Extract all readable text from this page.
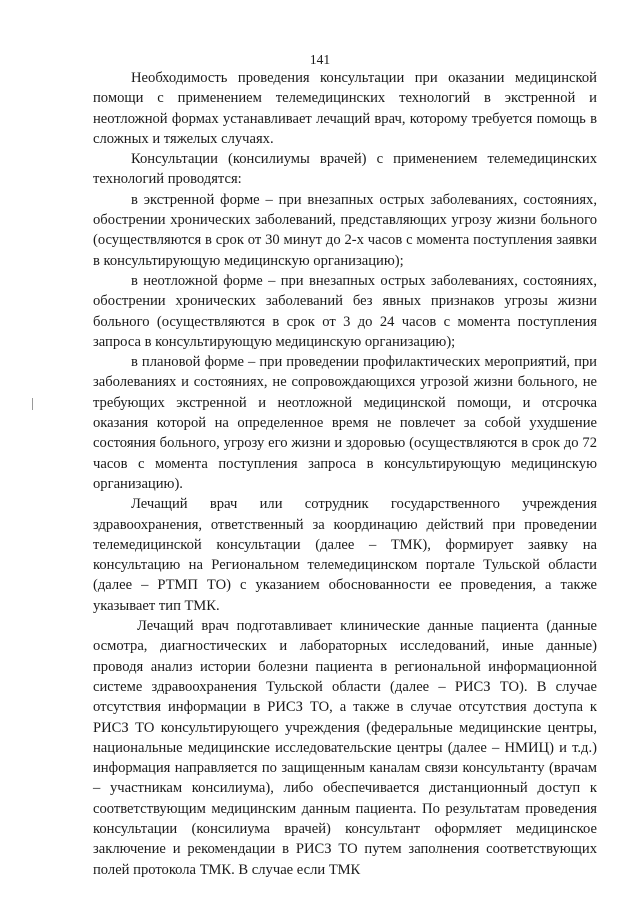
141

Необходимость проведения консультации при оказании медицинской помощи с применением телемедицинских технологий в экстренной и неотложной формах устанавливает лечащий врач, которому требуется помощь в сложных и тяжелых случаях.

Консультации (консилиумы врачей) с применением телемедицинских технологий проводятся:

в экстренной форме – при внезапных острых заболеваниях, состояниях, обострении хронических заболеваний, представляющих угрозу жизни больного (осуществляются в срок от 30 минут до 2-х часов с момента поступления заявки в консультирующую медицинскую организацию);

в неотложной форме – при внезапных острых заболеваниях, состояниях, обострении хронических заболеваний без явных признаков угрозы жизни больного (осуществляются в срок от 3 до 24 часов с момента поступления запроса в консультирующую медицинскую организацию);

в плановой форме – при проведении профилактических мероприятий, при заболеваниях и состояниях, не сопровождающихся угрозой жизни больного, не требующих экстренной и неотложной медицинской помощи, и отсрочка оказания которой на определенное время не повлечет за собой ухудшение состояния больного, угрозу его жизни и здоровью (осуществляются в срок до 72 часов с момента поступления запроса в консультирующую медицинскую организацию).

Лечащий врач или сотрудник государственного учреждения здравоохранения, ответственный за координацию действий при проведении телемедицинской консультации (далее – ТМК), формирует заявку на консультацию на Региональном телемедицинском портале Тульской области (далее – РТМП ТО) с указанием обоснованности ее проведения, а также указывает тип ТМК.

Лечащий врач подготавливает клинические данные пациента (данные осмотра, диагностических и лабораторных исследований, иные данные) проводя анализ истории болезни пациента в региональной информационной системе здравоохранения Тульской области (далее – РИСЗ ТО). В случае отсутствия информации в РИСЗ ТО, а также в случае отсутствия доступа к РИСЗ ТО консультирующего учреждения (федеральные медицинские центры, национальные медицинские исследовательские центры (далее – НМИЦ) и т.д.) информация направляется по защищенным каналам связи консультанту (врачам – участникам консилиума), либо обеспечивается дистанционный доступ к соответствующим медицинским данным пациента. По результатам проведения консультации (консилиума врачей) консультант оформляет медицинское заключение и рекомендации в РИСЗ ТО путем заполнения соответствующих полей протокола ТМК. В случае если ТМК
